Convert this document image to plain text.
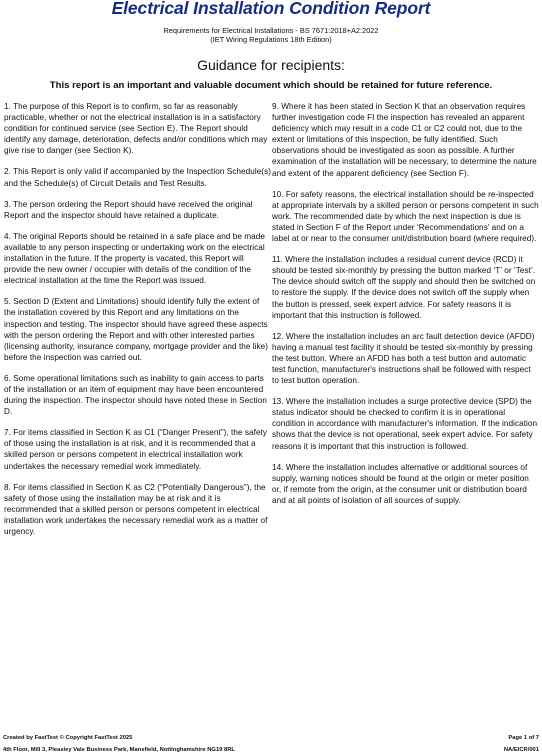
Electrical Installation Condition Report
Requirements for Electrical Installations - BS 7671:2018+A2:2022
(IET Wiring Regulations 18th Edition)
Guidance for recipients:
This report is an important and valuable document which should be retained for future reference.

1. The purpose of this Report is to confirm, so far as reasonably practicable, whether or not the electrical installation is in a satisfactory condition for continued service (see Section E). The Report should identify any damage, deterioration, defects and/or conditions which may give rise to danger (see Section K).

2. This Report is only valid if accompanied by the Inspection Schedule(s) and the Schedule(s) of Circuit Details and Test Results.

3. The person ordering the Report should have received the original Report and the inspector should have retained a duplicate.

4. The original Reports should be retained in a safe place and be made available to any person inspecting or undertaking work on the electrical installation in the future. If the property is vacated, this Report will provide the new owner / occupier with details of the condition of the electrical installation at the time the Report was issued.

5. Section D (Extent and Limitations) should identify fully the extent of the installation covered by this Report and any limitations on the inspection and testing. The inspector should have agreed these aspects with the person ordering the Report and with other interested parties (licensing authority, insurance company, mortgage provider and the like) before the inspection was carried out.

6. Some operational limitations such as inability to gain access to parts of the installation or an item of equipment may have been encountered during the inspection. The inspector should have noted these in Section D.

7. For items classified in Section K as C1 (“Danger Present”), the safety of those using the installation is at risk, and it is recommended that a skilled person or persons competent in electrical installation work undertakes the necessary remedial work immediately.

8. For items classified in Section K as C2 (“Potentially Dangerous”), the safety of those using the installation may be at risk and it is recommended that a skilled person or persons competent in electrical installation work undertakes the necessary remedial work as a matter of urgency.

9. Where it has been stated in Section K that an observation requires further investigation code FI the inspection has revealed an apparent deficiency which may result in a code C1 or C2 could not, due to the extent or limitations of this inspection, be fully identified. Such observations should be investigated as soon as possible. A further examination of the installation will be necessary, to determine the nature and extent of the apparent deficiency (see Section F).

10. For safety reasons, the electrical installation should be re-inspected at appropriate intervals by a skilled person or persons competent in such work. The recommended date by which the next inspection is due is stated in Section F of the Report under ‘Recommendations’ and on a label at or near to the consumer unit/distribution board (where required).

11. Where the installation includes a residual current device (RCD) it should be tested six-monthly by pressing the button marked ‘T’ or ‘Test’. The device should switch off the supply and should then be switched on to restore the supply. If the device does not switch off the supply when the button is pressed, seek expert advice. For safety reasons it is important that this instruction is followed.

12. Where the installation includes an arc fault detection device (AFDD) having a manual test facility it should be tested six-monthly by pressing the test button. Where an AFDD has both a test button and automatic test function, manufacturer's instructions shall be followed with respect to test button operation.

13. Where the installation includes a surge protective device (SPD) the status indicator should be checked to confirm it is in operational condition in accordance with manufacturer's information. If the indication shows that the device is not operational, seek expert advice. For safety reasons it is important that this instruction is followed.

14. Where the installation includes alternative or additional sources of supply, warning notices should be found at the origin or meter position or, if remote from the origin, at the consumer unit or distribution board and at all points of isolation of all sources of supply.

Created by FastTest © Copyright FastTest 2025
4th Floor, Mill 3, Pleasley Vale Business Park, Mansfield, Nottinghamshire NG19 8RL
Page 1 of 7
NA/EICR/001
